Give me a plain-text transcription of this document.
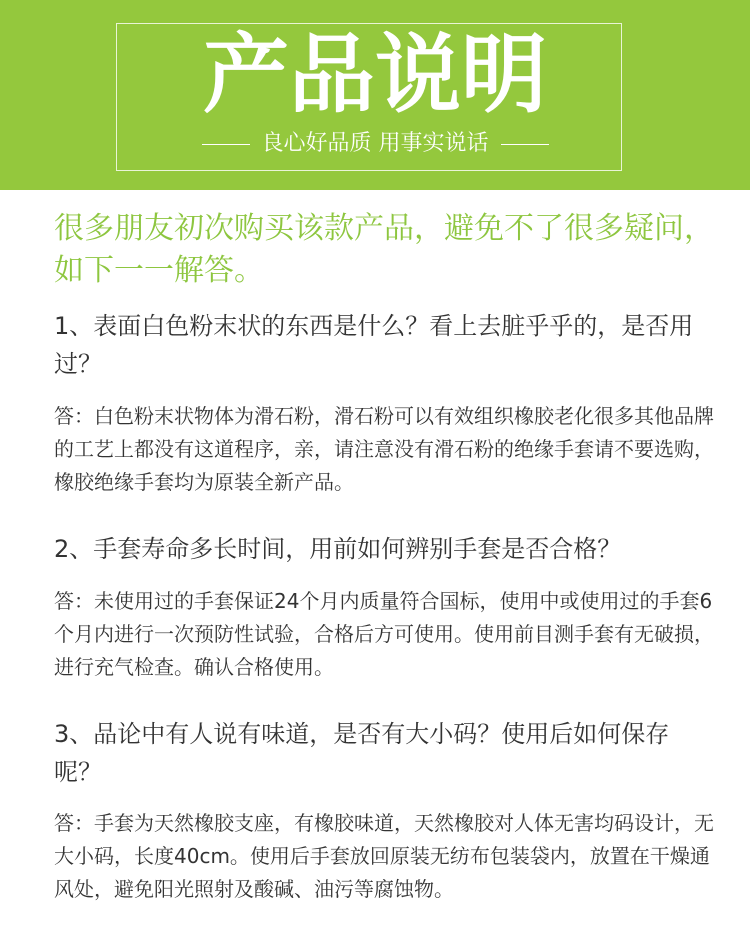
产品说明
良心好品质 用事实说话

很多朋友初次购买该款产品，避免不了很多疑问，如下一一解答。

1、表面白色粉末状的东西是什么？看上去脏乎乎的，是否用过？

答：白色粉末状物体为滑石粉，滑石粉可以有效组织橡胶老化很多其他品牌的工艺上都没有这道程序，亲，请注意没有滑石粉的绝缘手套请不要选购，橡胶绝缘手套均为原装全新产品。

2、手套寿命多长时间，用前如何辨别手套是否合格？

答：未使用过的手套保证24个月内质量符合国标，使用中或使用过的手套6个月内进行一次预防性试验，合格后方可使用。使用前目测手套有无破损，进行充气检查。确认合格使用。

3、品论中有人说有味道，是否有大小码？使用后如何保存呢？

答：手套为天然橡胶支座，有橡胶味道，天然橡胶对人体无害均码设计，无大小码，长度40cm。使用后手套放回原装无纺布包装袋内，放置在干燥通风处，避免阳光照射及酸碱、油污等腐蚀物。
